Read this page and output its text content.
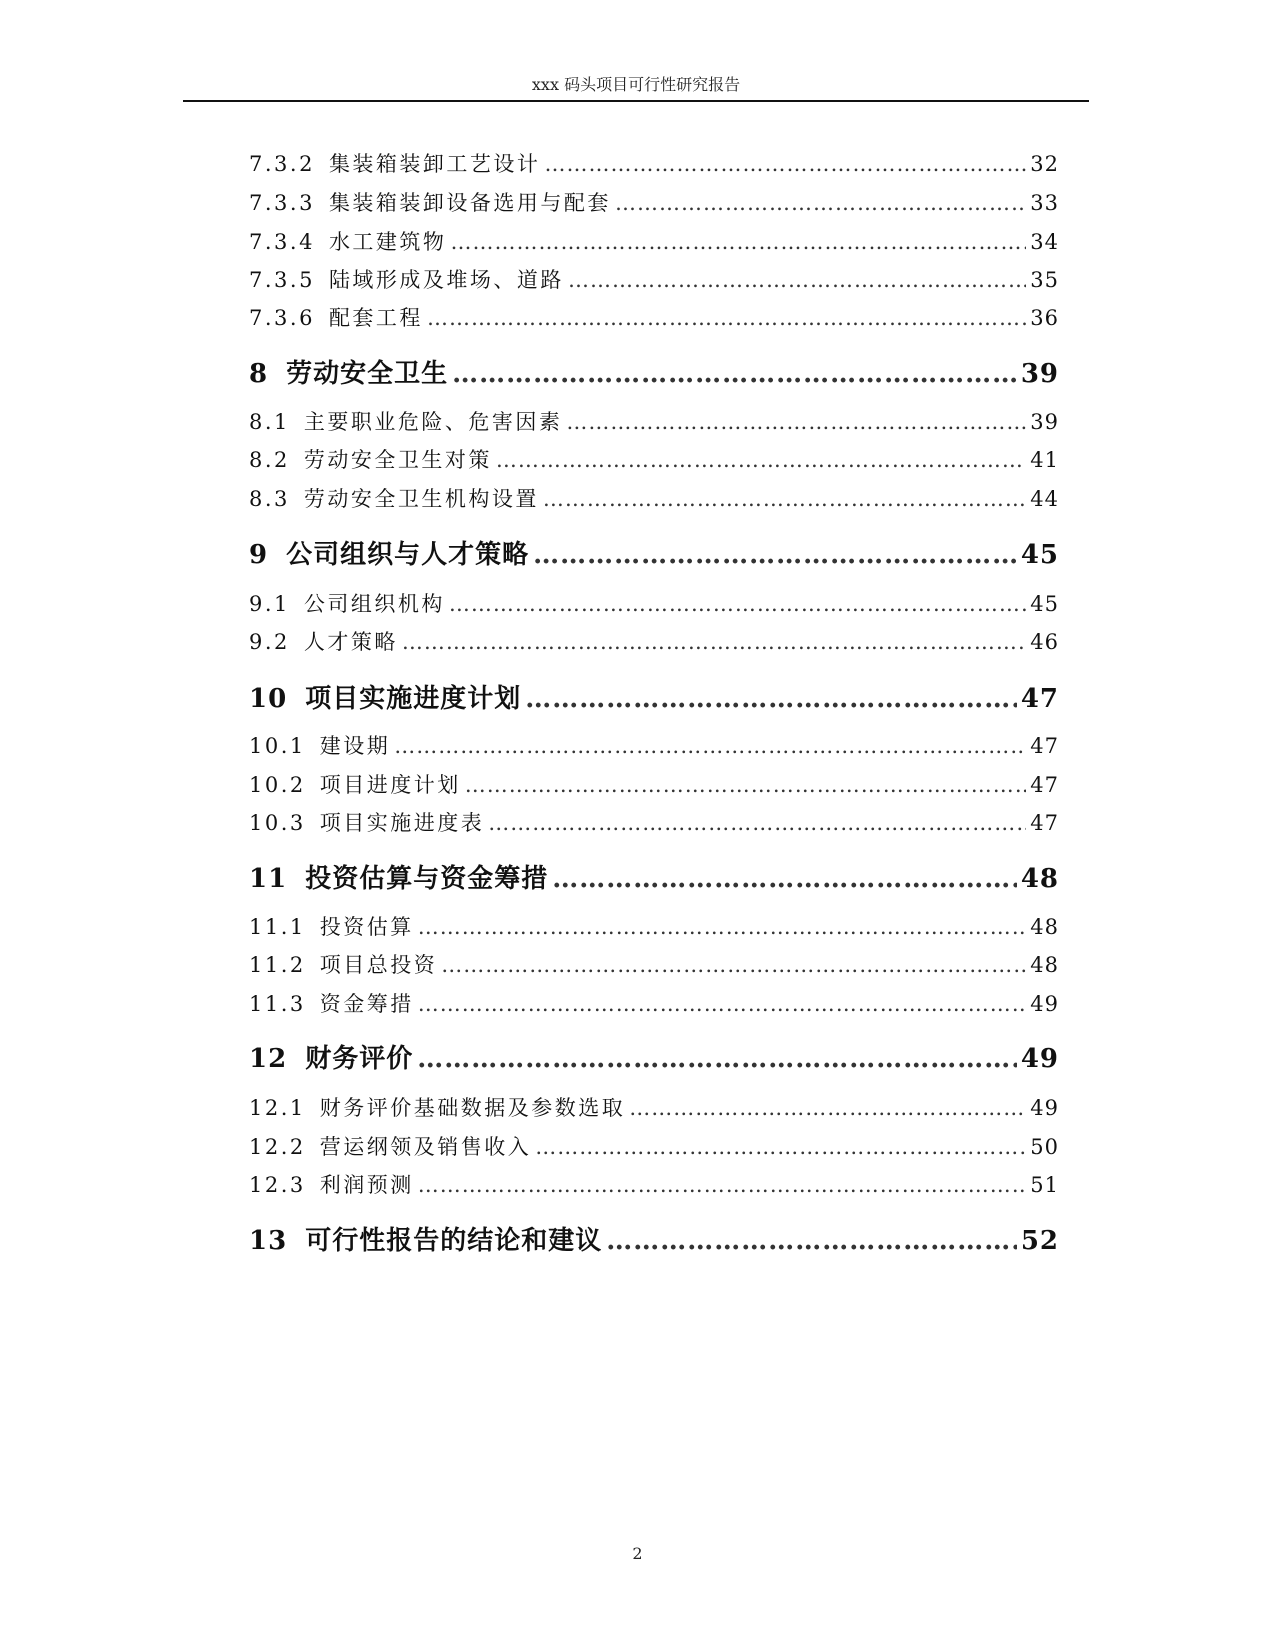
xxx 码头项目可行性研究报告
7.3.2 集装箱装卸工艺设计 …………………………………………………………………………………………………………………………………………………………………………………………	32
7.3.3 集装箱装卸设备选用与配套 …………………………………………………………………………………………………………………………………………………………………………………………	33
7.3.4 水工建筑物 …………………………………………………………………………………………………………………………………………………………………………………………	34
7.3.5 陆域形成及堆场、道路 …………………………………………………………………………………………………………………………………………………………………………………………	35
7.3.6 配套工程 …………………………………………………………………………………………………………………………………………………………………………………………	36
8 劳动安全卫生 …………………………………………………………………………………………………………………………………………………………………………………………	39
8.1 主要职业危险、危害因素 …………………………………………………………………………………………………………………………………………………………………………………………	39
8.2 劳动安全卫生对策 …………………………………………………………………………………………………………………………………………………………………………………………	41
8.3 劳动安全卫生机构设置 …………………………………………………………………………………………………………………………………………………………………………………………	44
9 公司组织与人才策略 …………………………………………………………………………………………………………………………………………………………………………………………	45
9.1 公司组织机构 …………………………………………………………………………………………………………………………………………………………………………………………	45
9.2 人才策略 …………………………………………………………………………………………………………………………………………………………………………………………	46
10 项目实施进度计划 …………………………………………………………………………………………………………………………………………………………………………………………	47
10.1 建设期 …………………………………………………………………………………………………………………………………………………………………………………………	47
10.2 项目进度计划 …………………………………………………………………………………………………………………………………………………………………………………………	47
10.3 项目实施进度表 …………………………………………………………………………………………………………………………………………………………………………………………	47
11 投资估算与资金筹措 …………………………………………………………………………………………………………………………………………………………………………………………	48
11.1 投资估算 …………………………………………………………………………………………………………………………………………………………………………………………	48
11.2 项目总投资 …………………………………………………………………………………………………………………………………………………………………………………………	48
11.3 资金筹措 …………………………………………………………………………………………………………………………………………………………………………………………	49
12 财务评价 …………………………………………………………………………………………………………………………………………………………………………………………	49
12.1 财务评价基础数据及参数选取 …………………………………………………………………………………………………………………………………………………………………………………………	49
12.2 营运纲领及销售收入 …………………………………………………………………………………………………………………………………………………………………………………………	50
12.3 利润预测 …………………………………………………………………………………………………………………………………………………………………………………………	51
13 可行性报告的结论和建议 …………………………………………………………………………………………………………………………………………………………………………………………	52
2
